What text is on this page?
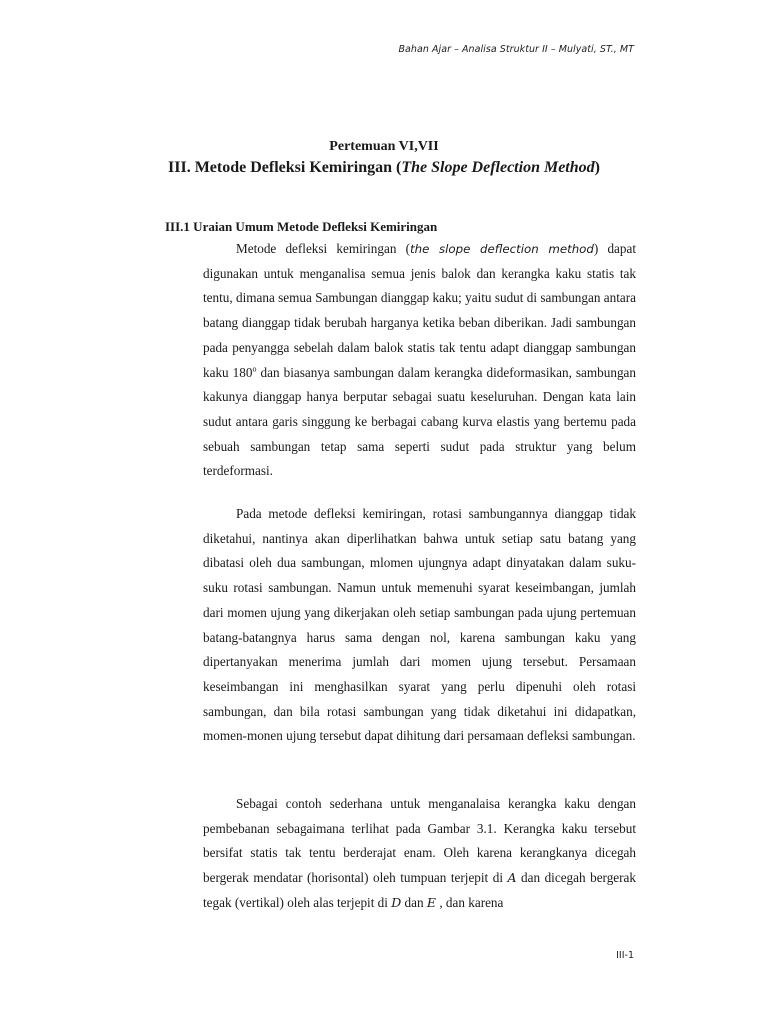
Bahan Ajar – Analisa Struktur II – Mulyati, ST., MT
Pertemuan VI,VII
III. Metode Defleksi Kemiringan (The Slope Deflection Method)
III.1 Uraian Umum Metode Defleksi Kemiringan

Metode defleksi kemiringan (the slope deflection method) dapat digunakan untuk menganalisa semua jenis balok dan kerangka kaku statis tak tentu, dimana semua Sambungan dianggap kaku; yaitu sudut di sambungan antara batang dianggap tidak berubah harganya ketika beban diberikan. Jadi sambungan pada penyangga sebelah dalam balok statis tak tentu adapt dianggap sambungan kaku 180$^o$ dan biasanya sambungan dalam kerangka dideformasikan, sambungan kakunya dianggap hanya berputar sebagai suatu keseluruhan. Dengan kata lain sudut antara garis singgung ke berbagai cabang kurva elastis yang bertemu pada sebuah sambungan tetap sama seperti sudut pada struktur yang belum terdeformasi.

Pada metode defleksi kemiringan, rotasi sambungannya dianggap tidak diketahui, nantinya akan diperlihatkan bahwa untuk setiap satu batang yang dibatasi oleh dua sambungan, mlomen ujungnya adapt dinyatakan dalam suku-suku rotasi sambungan. Namun untuk memenuhi syarat keseimbangan, jumlah dari momen ujung yang dikerjakan oleh setiap sambungan pada ujung pertemuan batang-batangnya harus sama dengan nol, karena sambungan kaku yang dipertanyakan menerima jumlah dari momen ujung tersebut. Persamaan keseimbangan ini menghasilkan syarat yang perlu dipenuhi oleh rotasi sambungan, dan bila rotasi sambungan yang tidak diketahui ini didapatkan, momen-monen ujung tersebut dapat dihitung dari persamaan defleksi sambungan.

Sebagai contoh sederhana untuk menganalaisa kerangka kaku dengan pembebanan sebagaimana terlihat pada Gambar 3.1. Kerangka kaku tersebut bersifat statis tak tentu berderajat enam. Oleh karena kerangkanya dicegah bergerak mendatar (horisontal) oleh tumpuan terjepit di A dan dicegah bergerak tegak (vertikal) oleh alas terjepit di D dan E , dan karena

III-1
